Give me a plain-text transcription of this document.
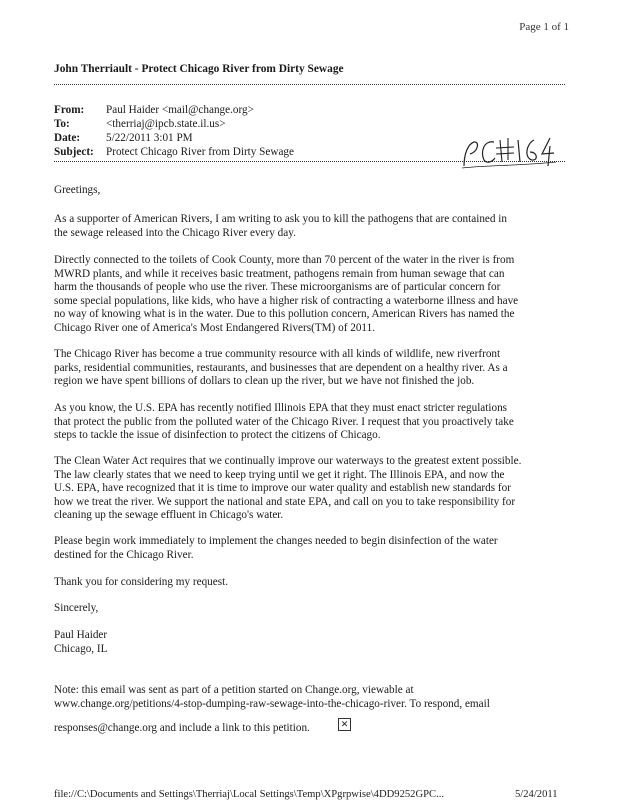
Page 1 of 1
John Therriault - Protect Chicago River from Dirty Sewage
From: Paul Haider <mail@change.org>
To:	<therriaj@ipcb.state.il.us>
Date: 5/22/2011 3:01 PM
Subject: Protect Chicago River from Dirty Sewage

Greetings,

As a supporter of American Rivers, I am writing to ask you to kill the pathogens that are contained in
the sewage released into the Chicago River every day.

Directly connected to the toilets of Cook County, more than 70 percent of the water in the river is from
MWRD plants, and while it receives basic treatment, pathogens remain from human sewage that can
harm the thousands of people who use the river. These microorganisms are of particular concern for
some special populations, like kids, who have a higher risk of contracting a waterborne illness and have
no way of knowing what is in the water. Due to this pollution concern, American Rivers has named the
Chicago River one of America's Most Endangered Rivers(TM) of 2011.

The Chicago River has become a true community resource with all kinds of wildlife, new riverfront
parks, residential communities, restaurants, and businesses that are dependent on a healthy river. As a
region we have spent billions of dollars to clean up the river, but we have not finished the job.

As you know, the U.S. EPA has recently notified Illinois EPA that they must enact stricter regulations
that protect the public from the polluted water of the Chicago River. I request that you proactively take
steps to tackle the issue of disinfection to protect the citizens of Chicago.

The Clean Water Act requires that we continually improve our waterways to the greatest extent possible.
The law clearly states that we need to keep trying until we get it right. The Illinois EPA, and now the
U.S. EPA, have recognized that it is time to improve our water quality and establish new standards for
how we treat the river. We support the national and state EPA, and call on you to take responsibility for
cleaning up the sewage effluent in Chicago's water.

Please begin work immediately to implement the changes needed to begin disinfection of the water
destined for the Chicago River.

Thank you for considering my request.

Sincerely,

Paul Haider
Chicago, IL

Note: this email was sent as part of a petition started on Change.org, viewable at
www.change.org/petitions/4-stop-dumping-raw-sewage-into-the-chicago-river. To respond, email

responses@change.org and include a link to this petition.	✕
file://C:\Documents and Settings\Therriaj\Local Settings\Temp\XPgrpwise\4DD9252GPC...	5/24/2011
